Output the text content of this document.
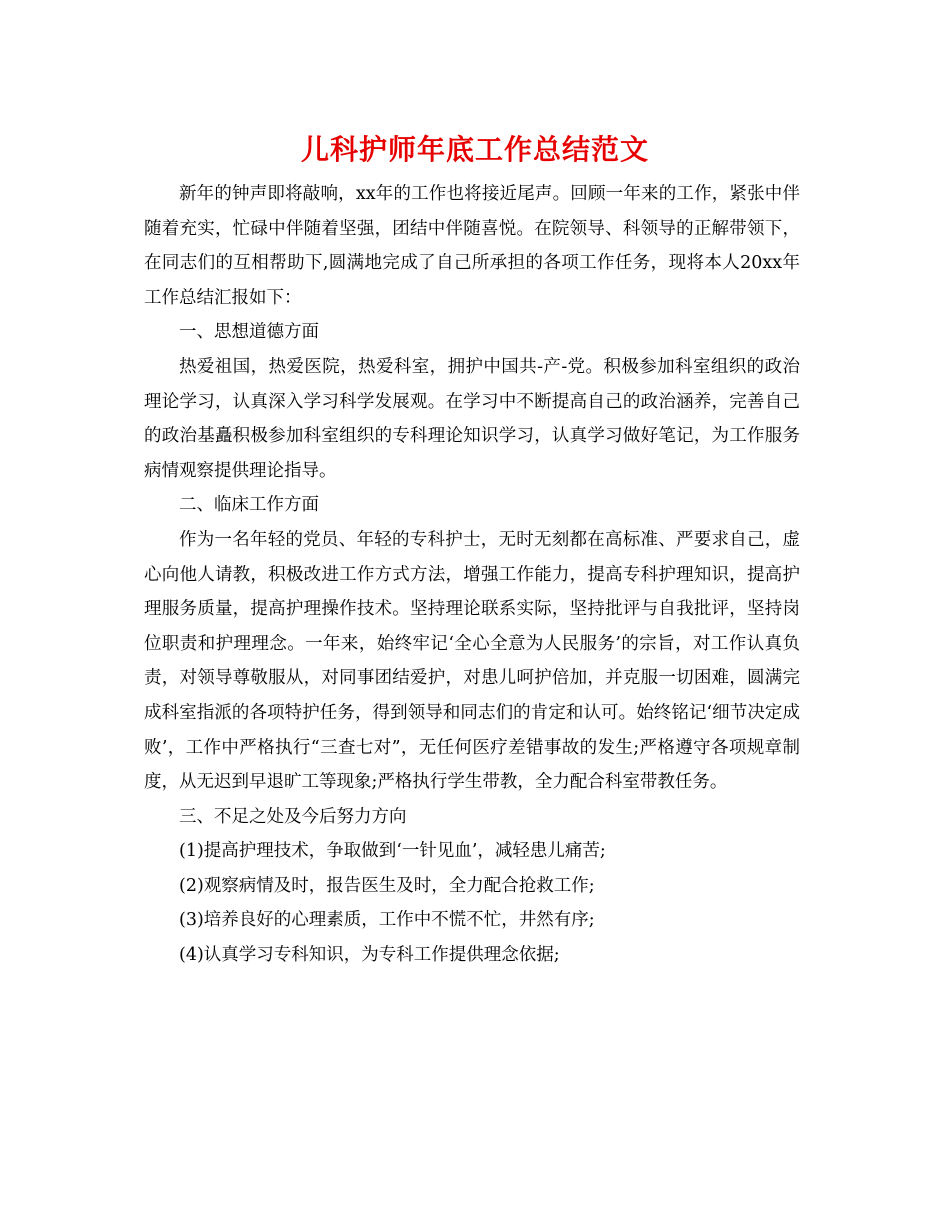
儿科护师年底工作总结范文

新年的钟声即将敲响，xx年的工作也将接近尾声。回顾一年来的工作，紧张中伴随着充实，忙碌中伴随着坚强，团结中伴随喜悦。在院领导、科领导的正解带领下，在同志们的互相帮助下,圆满地完成了自己所承担的各项工作任务，现将本人20xx年工作总结汇报如下：

一、思想道德方面

热爱祖国，热爱医院，热爱科室，拥护中国共-产-党。积极参加科室组织的政治理论学习，认真深入学习科学发展观。在学习中不断提高自己的政治涵养，完善自己的政治基矗积极参加科室组织的专科理论知识学习，认真学习做好笔记，为工作服务病情观察提供理论指导。

二、临床工作方面

作为一名年轻的党员、年轻的专科护士，无时无刻都在高标准、严要求自己，虚心向他人请教，积极改进工作方式方法，增强工作能力，提高专科护理知识，提高护理服务质量，提高护理操作技术。坚持理论联系实际，坚持批评与自我批评，坚持岗位职责和护理理念。一年来，始终牢记‘全心全意为人民服务’的宗旨，对工作认真负责，对领导尊敬服从，对同事团结爱护，对患儿呵护倍加，并克服一切困难，圆满完成科室指派的各项特护任务，得到领导和同志们的肯定和认可。始终铭记‘细节决定成败’，工作中严格执行“三查七对”，无任何医疗差错事故的发生;严格遵守各项规章制度，从无迟到早退旷工等现象;严格执行学生带教，全力配合科室带教任务。

三、不足之处及今后努力方向

(1)提高护理技术，争取做到‘一针见血’，减轻患儿痛苦;

(2)观察病情及时，报告医生及时，全力配合抢救工作;

(3)培养良好的心理素质，工作中不慌不忙，井然有序;

(4)认真学习专科知识，为专科工作提供理念依据;
